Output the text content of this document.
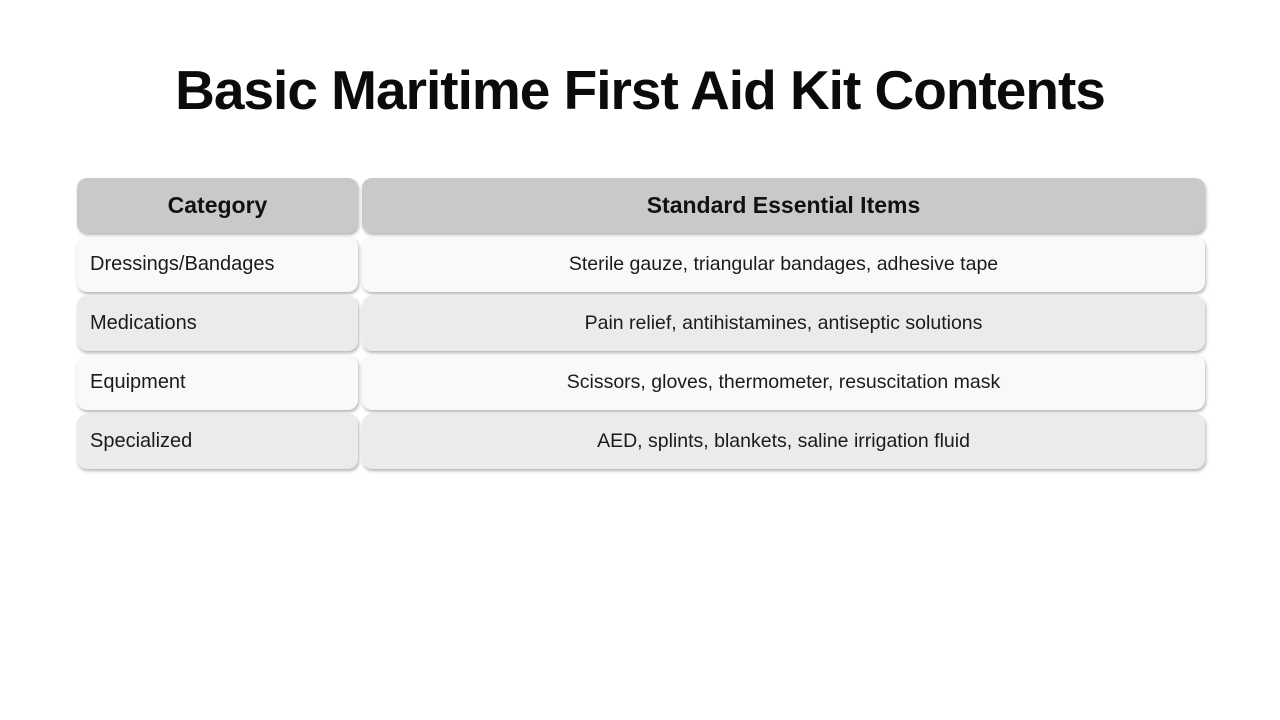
Basic Maritime First Aid Kit Contents
Category	Standard Essential Items
Dressings/Bandages	Sterile gauze, triangular bandages, adhesive tape
Medications	Pain relief, antihistamines, antiseptic solutions
Equipment	Scissors, gloves, thermometer, resuscitation mask
Specialized	AED, splints, blankets, saline irrigation fluid
